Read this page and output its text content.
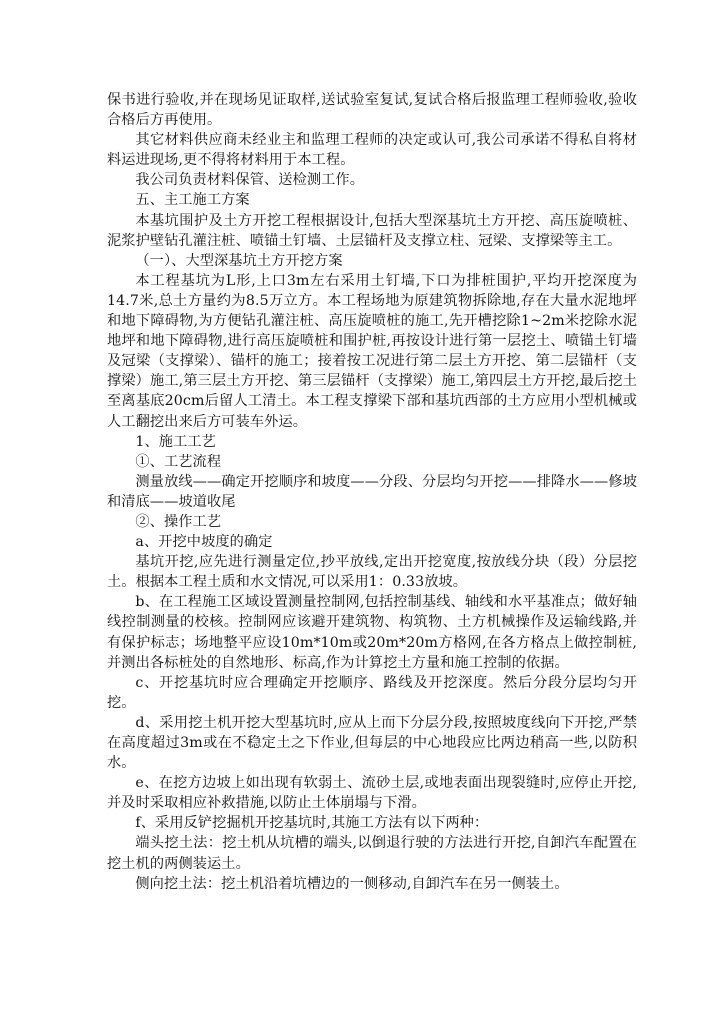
保书进行验收,并在现场见证取样,送试验室复试,复试合格后报监理工程师验收,验收合格后方再使用。

其它材料供应商未经业主和监理工程师的决定或认可,我公司承诺不得私自将材料运进现场,更不得将材料用于本工程。

我公司负责材料保管、送检测工作。

五、主工施工方案

本基坑围护及土方开挖工程根据设计,包括大型深基坑土方开挖、高压旋喷桩、泥浆护壁钻孔灌注桩、喷锚土钉墙、土层锚杆及支撑立柱、冠梁、支撑梁等主工。

（一）、大型深基坑土方开挖方案

本工程基坑为L形,上口3m左右采用土钉墙,下口为排桩围护,平均开挖深度为14.7米,总土方量约为8.5万立方。本工程场地为原建筑物拆除地,存在大量水泥地坪和地下障碍物,为方便钻孔灌注桩、高压旋喷桩的施工,先开槽挖除1~2m米挖除水泥地坪和地下障碍物,进行高压旋喷桩和围护桩,再按设计进行第一层挖土、喷锚土钉墙及冠梁（支撑梁）、锚杆的施工；接着按工况进行第二层土方开挖、第二层锚杆（支撑梁）施工,第三层土方开挖、第三层锚杆（支撑梁）施工,第四层土方开挖,最后挖土至离基底20cm后留人工清土。本工程支撑梁下部和基坑西部的土方应用小型机械或人工翻挖出来后方可装车外运。

1、施工工艺

①、工艺流程

测量放线——确定开挖顺序和坡度——分段、分层均匀开挖——排降水——修坡和清底——坡道收尾

②、操作工艺

a、开挖中坡度的确定

基坑开挖,应先进行测量定位,抄平放线,定出开挖宽度,按放线分块（段）分层挖土。根据本工程土质和水文情况,可以采用1：0.33放坡。

b、在工程施工区域设置测量控制网,包括控制基线、轴线和水平基准点；做好轴线控制测量的校核。控制网应该避开建筑物、构筑物、土方机械操作及运输线路,并有保护标志；场地整平应设10m*10m或20m*20m方格网,在各方格点上做控制桩,并测出各标桩处的自然地形、标高,作为计算挖土方量和施工控制的依据。

c、开挖基坑时应合理确定开挖顺序、路线及开挖深度。然后分段分层均匀开挖。

d、采用挖土机开挖大型基坑时,应从上而下分层分段,按照坡度线向下开挖,严禁在高度超过3m或在不稳定土之下作业,但每层的中心地段应比两边稍高一些,以防积水。

e、在挖方边坡上如出现有软弱土、流砂土层,或地表面出现裂缝时,应停止开挖,并及时采取相应补救措施,以防止土体崩塌与下滑。

f、采用反铲挖掘机开挖基坑时,其施工方法有以下两种：

端头挖土法：挖土机从坑槽的端头,以倒退行驶的方法进行开挖,自卸汽车配置在挖土机的两侧装运土。

侧向挖土法：挖土机沿着坑槽边的一侧移动,自卸汽车在另一侧装土。
